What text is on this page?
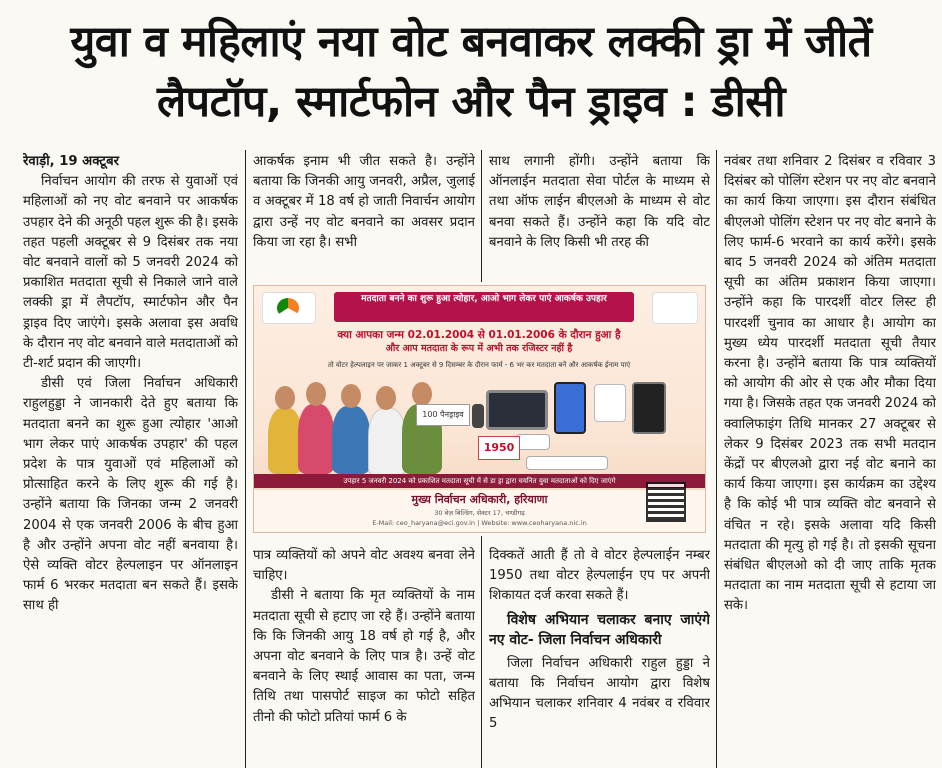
युवा व महिलाएं नया वोट बनवाकर लक्की ड्रा में जीतें
लैपटॉप, स्मार्टफोन और पैन ड्राइव : डीसी

रेवाड़ी, 19 अक्टूबर

निर्वाचन आयोग की तरफ से युवाओं एवं महिलाओं को नए वोट बनवाने पर आकर्षक उपहार देने की अनूठी पहल शुरू की है। इसके तहत पहली अक्टूबर से 9 दिसंबर तक नया वोट बनवाने वालों को 5 जनवरी 2024 को प्रकाशित मतदाता सूची से निकाले जाने वाले लक्की ड्रा में लैपटॉप, स्मार्टफोन और पैन ड्राइव दिए जाएंगे। इसके अलावा इस अवधि के दौरान नए वोट बनवाने वाले मतदाताओं को टी-शर्ट प्रदान की जाएगी।

डीसी एवं जिला निर्वाचन अधिकारी राहुलहुड्डा ने जानकारी देते हुए बताया कि मतदाता बनने का शुरू हुआ त्योहार 'आओ भाग लेकर पाएं आकर्षक उपहार' की पहल प्रदेश के पात्र युवाओं एवं महिलाओं को प्रोत्साहित करने के लिए शुरू की गई है। उन्होंने बताया कि जिनका जन्म 2 जनवरी 2004 से एक जनवरी 2006 के बीच हुआ है और उन्होंने अपना वोट नहीं बनवाया है। ऐसे व्यक्ति वोटर हेल्पलाइन पर ऑनलाइन फार्म 6 भरकर मतदाता बन सकते हैं। इसके साथ ही

आकर्षक इनाम भी जीत सकते है। उन्होंने बताया कि जिनकी आयु जनवरी, अप्रैल, जुलाई व अक्टूबर में 18 वर्ष हो जाती निवार्चन आयोग द्वारा उन्हें नए वोट बनवाने का अवसर प्रदान किया जा रहा है। सभी

साथ लगानी होंगी। उन्होंने बताया कि ऑनलाईन मतदाता सेवा पोर्टल के माध्यम से तथा ऑफ लाईन बीएलओ के माध्यम से वोट बनवा सकते हैं। उन्होंने कहा कि यदि वोट बनवाने के लिए किसी भी तरह की

मतदाता बनने का शुरू हुआ त्योहार, आओ भाग लेकर पाएं आकर्षक उपहार
क्या आपका जन्म 02.01.2004 से 01.01.2006 के दौरान हुआ है
और आप मतदाता के रूप में अभी तक रजिस्टर नहीं है
तो वोटर हेल्पलाइन पर जाकर 1 अक्टूबर से 9 दिसम्बर के दौरान फार्म - 6 भर कर मतदाता बनें और आकर्षक ईनाम पाएं
100 पैनड्राइव
1950
उपहार 5 जनवरी 2024 को प्रकाशित मतदाता सूची में से डा ड्रा द्वारा चयनित युवा मतदाताओं को दिए जाएंगे
मुख्य निर्वाचन अधिकारी, हरियाणा
30 बेज़ बिल्डिंग, सेक्टर 17, चण्डीगढ़
E-Mail: ceo_haryana@eci.gov.in | Website: www.ceoharyana.nic.in

पात्र व्यक्तियों को अपने वोट अवश्य बनवा लेने चाहिए।

डीसी ने बताया कि मृत व्यक्तियों के नाम मतदाता सूची से हटाए जा रहे हैं। उन्होंने बताया कि कि जिनकी आयु 18 वर्ष हो गई है, और अपना वोट बनवाने के लिए पात्र है। उन्हें वोट बनवाने के लिए स्थाई आवास का पता, जन्म तिथि तथा पासपोर्ट साइज का फोटो सहित तीनो की फोटो प्रतियां फार्म 6 के

दिक्कतें आती हैं तो वे वोटर हेल्पलाईन नम्बर 1950 तथा वोटर हेल्पलाईन एप पर अपनी शिकायत दर्ज करवा सकते हैं।

विशेष अभियान चलाकर बनाए जाएंगे नए वोट- जिला निर्वाचन अधिकारी

जिला निर्वाचन अधिकारी राहुल हुड्डा ने बताया कि निर्वाचन आयोग द्वारा विशेष अभियान चलाकर शनिवार 4 नवंबर व रविवार 5

नवंबर तथा शनिवार 2 दिसंबर व रविवार 3 दिसंबर को पोलिंग स्टेशन पर नए वोट बनवाने का कार्य किया जाएगा। इस दौरान संबंधित बीएलओ पोलिंग स्टेशन पर नए वोट बनाने के लिए फार्म-6 भरवाने का कार्य करेंगे। इसके बाद 5 जनवरी 2024 को अंतिम मतदाता सूची का अंतिम प्रकाशन किया जाएगा। उन्होंने कहा कि पारदर्शी वोटर लिस्ट ही पारदर्शी चुनाव का आधार है। आयोग का मुख्य ध्येय पारदर्शी मतदाता सूची तैयार करना है। उन्होंने बताया कि पात्र व्यक्तियों को आयोग की ओर से एक और मौका दिया गया है। जिसके तहत एक जनवरी 2024 को क्वालिफाइंग तिथि मानकर 27 अक्टूबर से लेकर 9 दिसंबर 2023 तक सभी मतदान केंद्रों पर बीएलओ द्वारा नई वोट बनाने का कार्य किया जाएगा। इस कार्यक्रम का उद्देश्य है कि कोई भी पात्र व्यक्ति वोट बनवाने से वंचित न रहे। इसके अलावा यदि किसी मतदाता की मृत्यु हो गई है। तो इसकी सूचना संबंधित बीएलओ को दी जाए ताकि मृतक मतदाता का नाम मतदाता सूची से हटाया जा सके।
